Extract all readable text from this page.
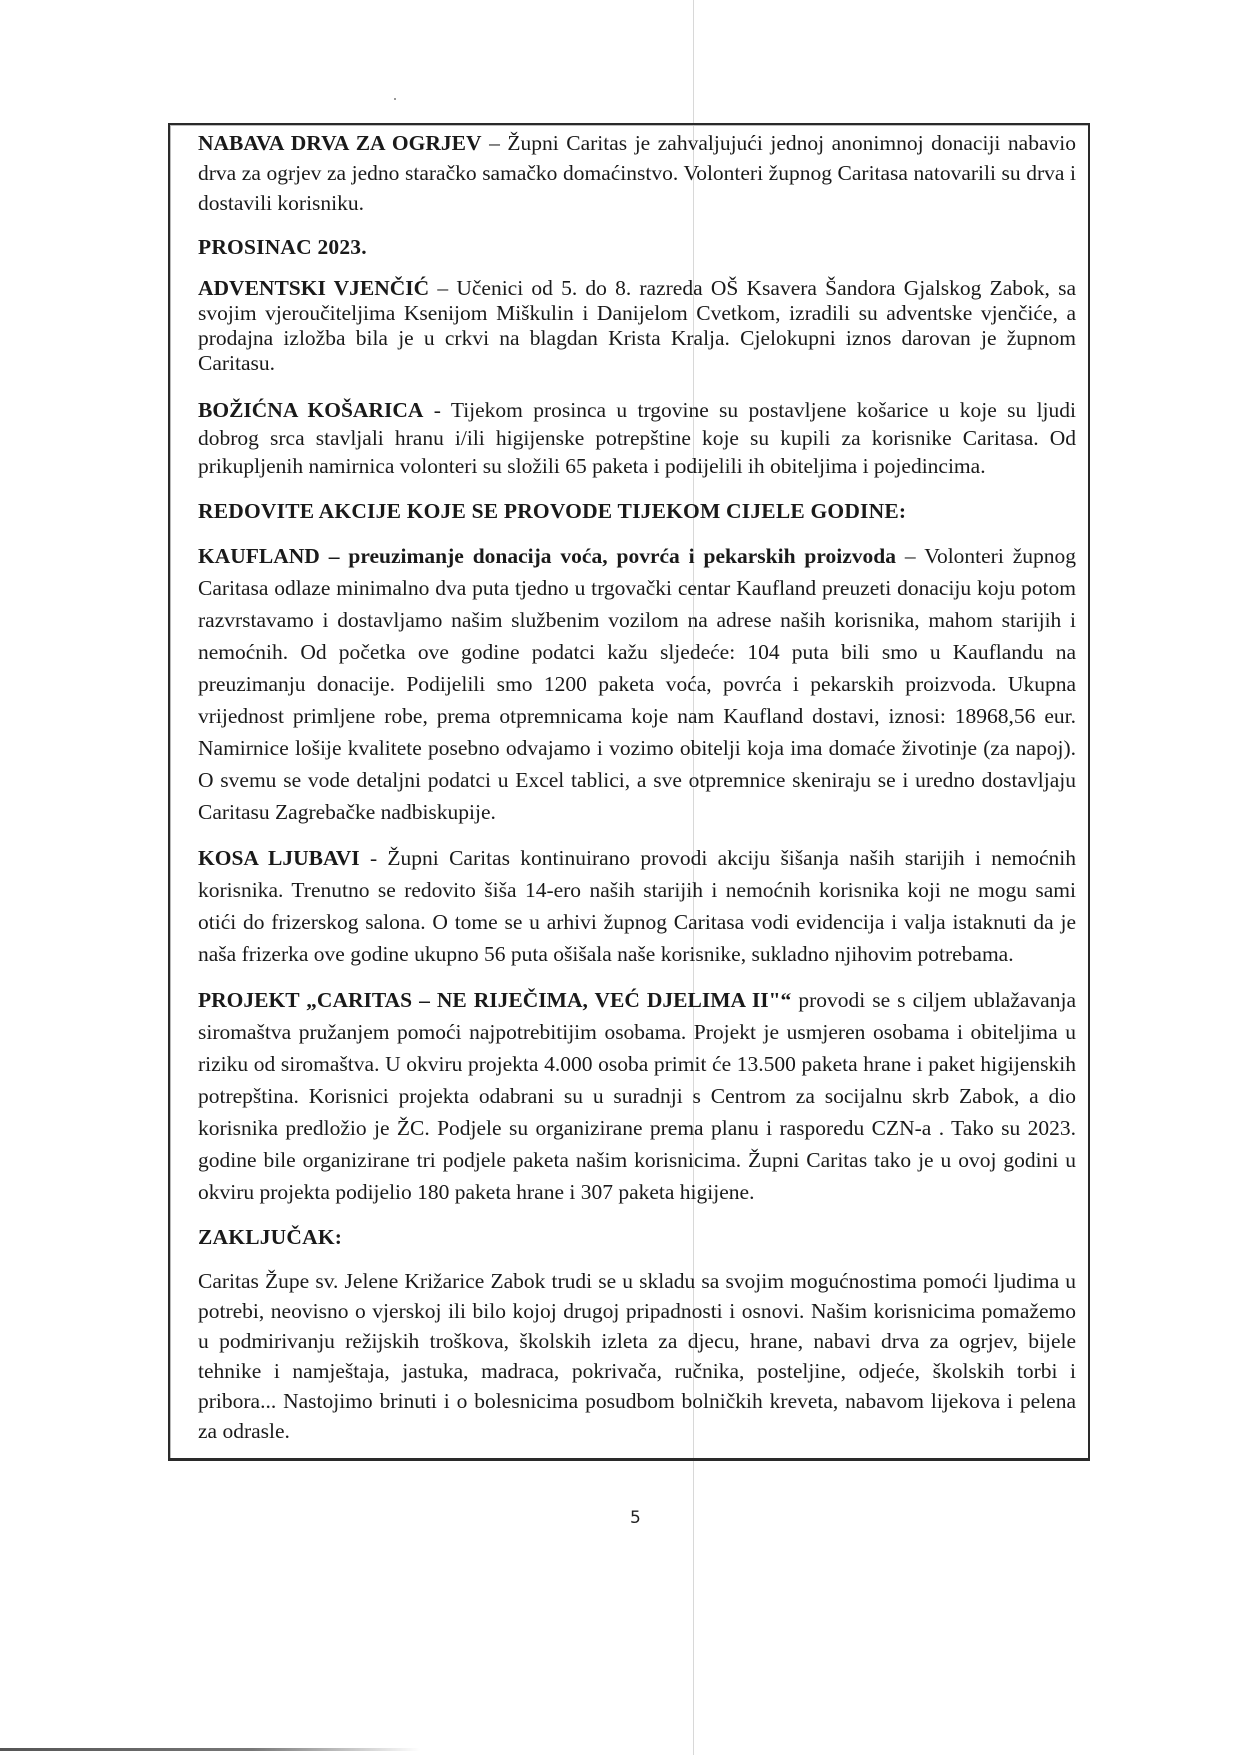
NABAVA DRVA ZA OGRJEV – Župni Caritas je zahvaljujući jednoj anonimnoj donaciji nabavio drva za ogrjev za jedno staračko samačko domaćinstvo. Volonteri župnog Caritasa natovarili su drva i dostavili korisniku.

PROSINAC 2023.

ADVENTSKI VJENČIĆ – Učenici od 5. do 8. razreda OŠ Ksavera Šandora Gjalskog Zabok, sa svojim vjeroučiteljima Ksenijom Miškulin i Danijelom Cvetkom, izradili su adventske vjenčiće, a prodajna izložba bila je u crkvi na blagdan Krista Kralja. Cjelokupni iznos darovan je župnom Caritasu.

BOŽIĆNA KOŠARICA - Tijekom prosinca u trgovine su postavljene košarice u koje su ljudi dobrog srca stavljali hranu i/ili higijenske potrepštine koje su kupili za korisnike Caritasa. Od prikupljenih namirnica volonteri su složili 65 paketa i podijelili ih obiteljima i pojedincima.

REDOVITE AKCIJE KOJE SE PROVODE TIJEKOM CIJELE GODINE:

KAUFLAND – preuzimanje donacija voća, povrća i pekarskih proizvoda – Volonteri župnog Caritasa odlaze minimalno dva puta tjedno u trgovački centar Kaufland preuzeti donaciju koju potom razvrstavamo i dostavljamo našim službenim vozilom na adrese naših korisnika, mahom starijih i nemoćnih. Od početka ove godine podatci kažu sljedeće: 104 puta bili smo u Kauflandu na preuzimanju donacije. Podijelili smo 1200 paketa voća, povrća i pekarskih proizvoda. Ukupna vrijednost primljene robe, prema otpremnicama koje nam Kaufland dostavi, iznosi: 18968,56 eur. Namirnice lošije kvalitete posebno odvajamo i vozimo obitelji koja ima domaće životinje (za napoj). O svemu se vode detaljni podatci u Excel tablici, a sve otpremnice skeniraju se i uredno dostavljaju Caritasu Zagrebačke nadbiskupije.

KOSA LJUBAVI - Župni Caritas kontinuirano provodi akciju šišanja naših starijih i nemoćnih korisnika. Trenutno se redovito šiša 14-ero naših starijih i nemoćnih korisnika koji ne mogu sami otići do frizerskog salona. O tome se u arhivi župnog Caritasa vodi evidencija i valja istaknuti da je naša frizerka ove godine ukupno 56 puta ošišala naše korisnike, sukladno njihovim potrebama.

PROJEKT „CARITAS – NE RIJEČIMA, VEĆ DJELIMA II"“ provodi se s ciljem ublažavanja siromaštva pružanjem pomoći najpotrebitijim osobama. Projekt je usmjeren osobama i obiteljima u riziku od siromaštva. U okviru projekta 4.000 osoba primit će 13.500 paketa hrane i paket higijenskih potrepština. Korisnici projekta odabrani su u suradnji s Centrom za socijalnu skrb Zabok, a dio korisnika predložio je ŽC. Podjele su organizirane prema planu i rasporedu CZN-a . Tako su 2023. godine bile organizirane tri podjele paketa našim korisnicima. Župni Caritas tako je u ovoj godini u okviru projekta podijelio 180 paketa hrane i 307 paketa higijene.

ZAKLJUČAK:

Caritas Župe sv. Jelene Križarice Zabok trudi se u skladu sa svojim mogućnostima pomoći ljudima u potrebi, neovisno o vjerskoj ili bilo kojoj drugoj pripadnosti i osnovi. Našim korisnicima pomažemo u podmirivanju režijskih troškova, školskih izleta za djecu, hrane, nabavi drva za ogrjev, bijele tehnike i namještaja, jastuka, madraca, pokrivača, ručnika, posteljine, odjeće, školskih torbi i pribora... Nastojimo brinuti i o bolesnicima posudbom bolničkih kreveta, nabavom lijekova i pelena za odrasle.

5
